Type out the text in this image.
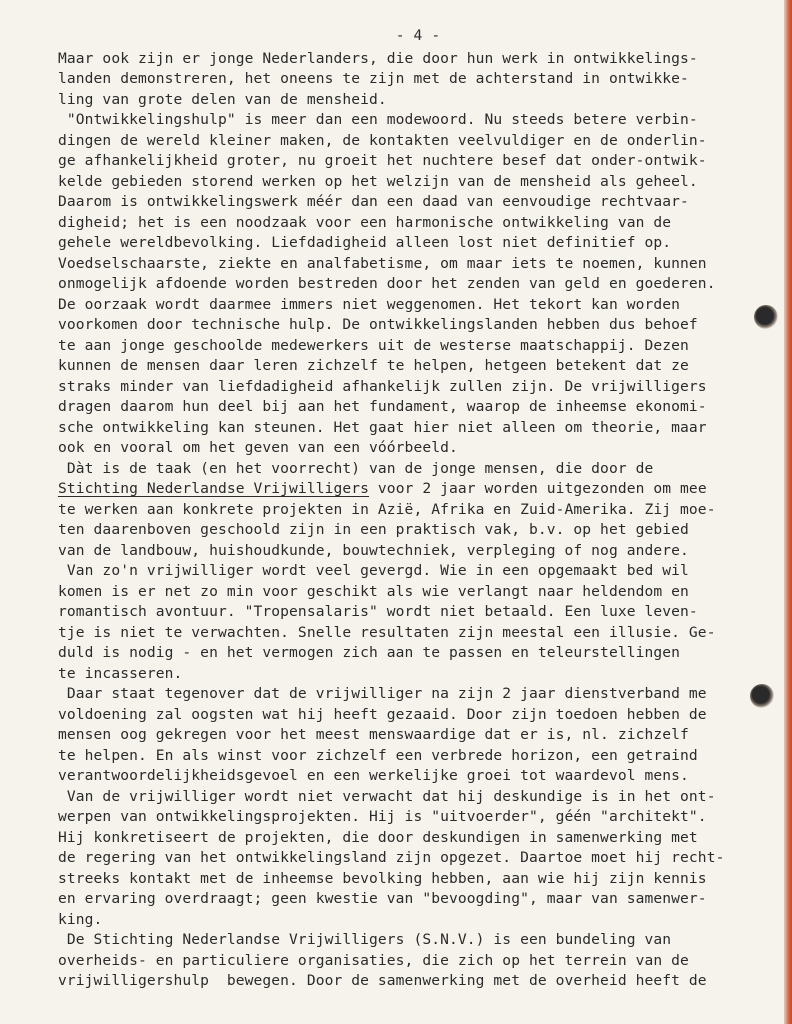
- 4 -
Maar ook zijn er jonge Nederlanders, die door hun werk in ontwikkelings-
landen demonstreren, het oneens te zijn met de achterstand in ontwikke-
ling van grote delen van de mensheid.
"Ontwikkelingshulp" is meer dan een modewoord. Nu steeds betere verbin-
dingen de wereld kleiner maken, de kontakten veelvuldiger en de onderlin-
ge afhankelijkheid groter, nu groeit het nuchtere besef dat onder-ontwik-
kelde gebieden storend werken op het welzijn van de mensheid als geheel.
Daarom is ontwikkelingswerk méér dan een daad van eenvoudige rechtvaar-
digheid; het is een noodzaak voor een harmonische ontwikkeling van de
gehele wereldbevolking. Liefdadigheid alleen lost niet definitief op.
Voedselschaarste, ziekte en analfabetisme, om maar iets te noemen, kunnen
onmogelijk afdoende worden bestreden door het zenden van geld en goederen.
De oorzaak wordt daarmee immers niet weggenomen. Het tekort kan worden
voorkomen door technische hulp. De ontwikkelingslanden hebben dus behoef
te aan jonge geschoolde medewerkers uit de westerse maatschappij. Dezen
kunnen de mensen daar leren zichzelf te helpen, hetgeen betekent dat ze
straks minder van liefdadigheid afhankelijk zullen zijn. De vrijwilligers
dragen daarom hun deel bij aan het fundament, waarop de inheemse ekonomi-
sche ontwikkeling kan steunen. Het gaat hier niet alleen om theorie, maar
ook en vooral om het geven van een vóórbeeld.
Dàt is de taak (en het voorrecht) van de jonge mensen, die door de
Stichting Nederlandse Vrijwilligers voor 2 jaar worden uitgezonden om mee
te werken aan konkrete projekten in Azië, Afrika en Zuid-Amerika. Zij moe-
ten daarenboven geschoold zijn in een praktisch vak, b.v. op het gebied
van de landbouw, huishoudkunde, bouwtechniek, verpleging of nog andere.
Van zo'n vrijwilliger wordt veel gevergd. Wie in een opgemaakt bed wil
komen is er net zo min voor geschikt als wie verlangt naar heldendom en
romantisch avontuur. "Tropensalaris" wordt niet betaald. Een luxe leven-
tje is niet te verwachten. Snelle resultaten zijn meestal een illusie. Ge-
duld is nodig - en het vermogen zich aan te passen en teleurstellingen
te incasseren.
Daar staat tegenover dat de vrijwilliger na zijn 2 jaar dienstverband me
voldoening zal oogsten wat hij heeft gezaaid. Door zijn toedoen hebben de
mensen oog gekregen voor het meest menswaardige dat er is, nl. zichzelf
te helpen. En als winst voor zichzelf een verbrede horizon, een getraind
verantwoordelijkheidsgevoel en een werkelijke groei tot waardevol mens.
Van de vrijwilliger wordt niet verwacht dat hij deskundige is in het ont-
werpen van ontwikkelingsprojekten. Hij is "uitvoerder", géén "architekt".
Hij konkretiseert de projekten, die door deskundigen in samenwerking met
de regering van het ontwikkelingsland zijn opgezet. Daartoe moet hij recht-
streeks kontakt met de inheemse bevolking hebben, aan wie hij zijn kennis
en ervaring overdraagt; geen kwestie van "bevoogding", maar van samenwer-
king.
De Stichting Nederlandse Vrijwilligers (S.N.V.) is een bundeling van
overheids- en particuliere organisaties, die zich op het terrein van de
vrijwilligershulp  bewegen. Door de samenwerking met de overheid heeft de
